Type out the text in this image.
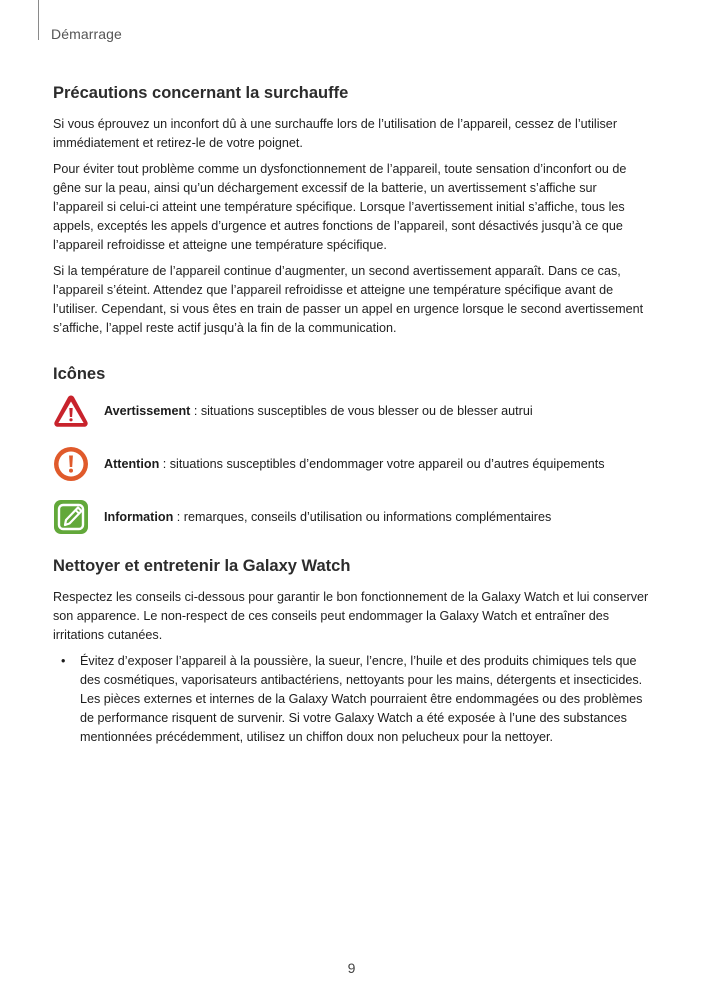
Démarrage
Précautions concernant la surchauffe

Si vous éprouvez un inconfort dû à une surchauffe lors de l’utilisation de l’appareil, cessez de l’utiliser immédiatement et retirez-le de votre poignet.

Pour éviter tout problème comme un dysfonctionnement de l’appareil, toute sensation d’inconfort ou de gêne sur la peau, ainsi qu’un déchargement excessif de la batterie, un avertissement s’affiche sur l’appareil si celui-ci atteint une température spécifique. Lorsque l’avertissement initial s’affiche, tous les appels, exceptés les appels d’urgence et autres fonctions de l’appareil, sont désactivés jusqu’à ce que l’appareil refroidisse et atteigne une température spécifique.

Si la température de l’appareil continue d’augmenter, un second avertissement apparaît. Dans ce cas, l’appareil s’éteint. Attendez que l’appareil refroidisse et atteigne une température spécifique avant de l’utiliser. Cependant, si vous êtes en train de passer un appel en urgence lorsque le second avertissement s’affiche, l’appel reste actif jusqu’à la fin de la communication.

Icônes
Avertissement : situations susceptibles de vous blesser ou de blesser autrui
Attention : situations susceptibles d’endommager votre appareil ou d’autres équipements
Information : remarques, conseils d’utilisation ou informations complémentaires
Nettoyer et entretenir la Galaxy Watch

Respectez les conseils ci-dessous pour garantir le bon fonctionnement de la Galaxy Watch et lui conserver son apparence. Le non-respect de ces conseils peut endommager la Galaxy Watch et entraîner des irritations cutanées.

• Évitez d’exposer l’appareil à la poussière, la sueur, l’encre, l’huile et des produits chimiques tels que des cosmétiques, vaporisateurs antibactériens, nettoyants pour les mains, détergents et insecticides. Les pièces externes et internes de la Galaxy Watch pourraient être endommagées ou des problèmes de performance risquent de survenir. Si votre Galaxy Watch a été exposée à l’une des substances mentionnées précédemment, utilisez un chiffon doux non pelucheux pour la nettoyer.
9
